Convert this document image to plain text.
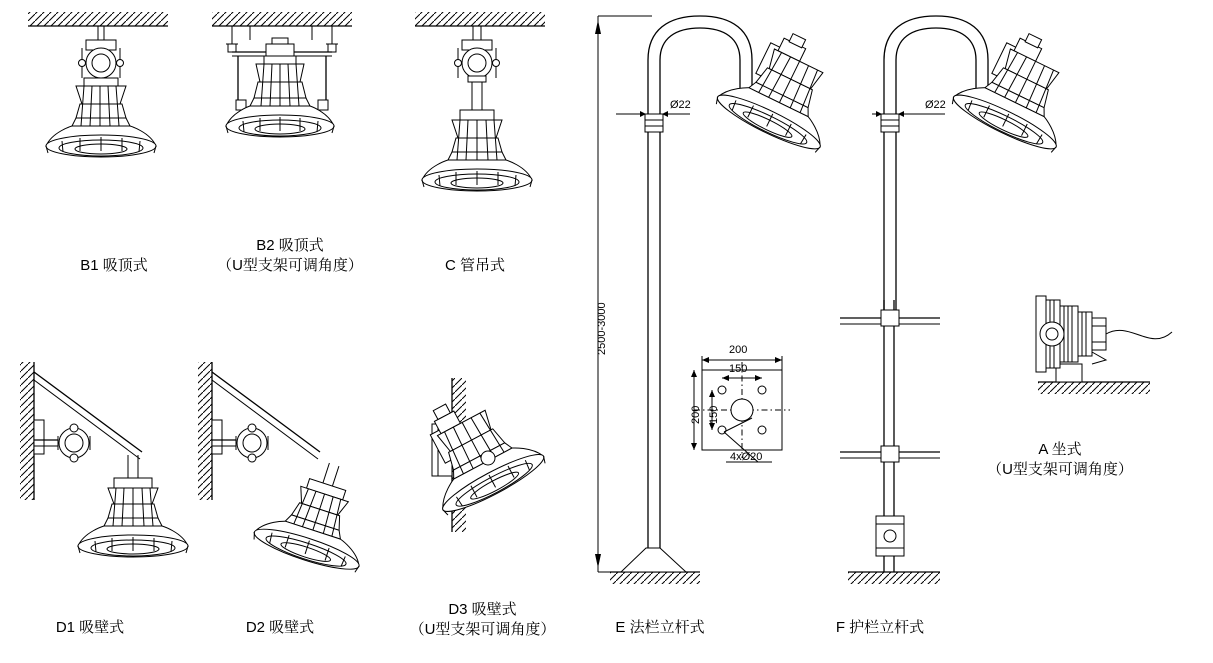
Ø22	Ø22
2500-3000	200
150
200 150
4xØ20
B1 吸顶式
B2 吸顶式
（U型支架可调角度）	C 管吊式
D1 吸壁式	D2 吸壁式
D3 吸壁式
（U型支架可调角度）	E 法栏立杆式	F 护栏立杆式
A 坐式
（U型支架可调角度）
